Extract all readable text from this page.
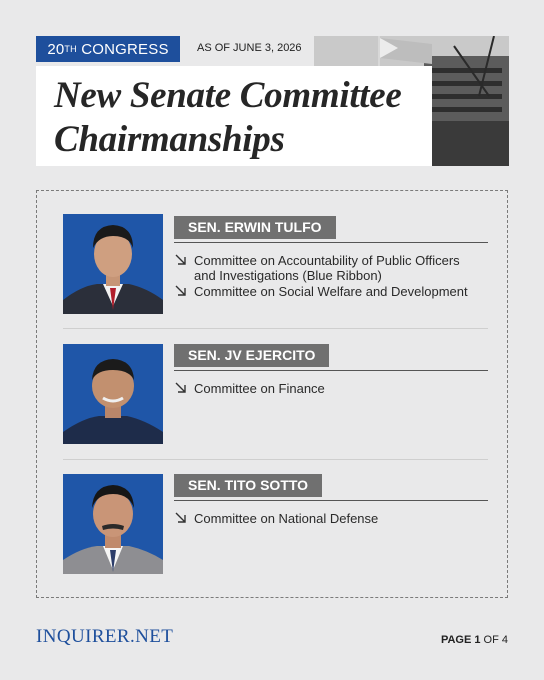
20 TH
CONGRESS	AS OF JUNE 3, 2026
New Senate Committee
Chairmanships
SEN. ERWIN TULFO
Committee on Accountability of Public Officers and Investigations (Blue Ribbon)
Committee on Social Welfare and Development
SEN. JV EJERCITO
Committee on Finance
SEN. TITO SOTTO
Committee on National Defense
INQUIRER.NET	PAGE 1 OF 4
